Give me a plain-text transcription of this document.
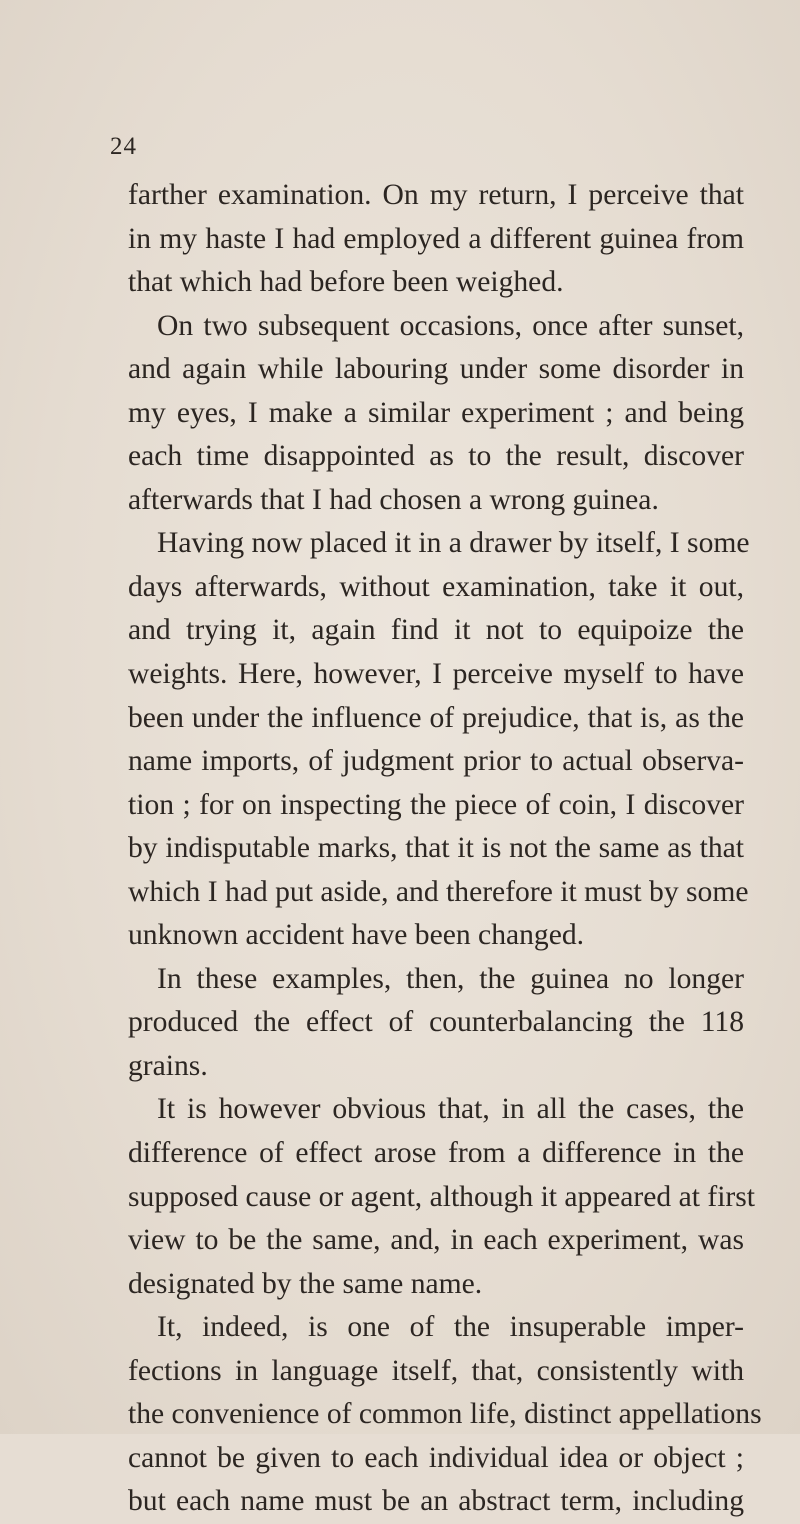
24
farther examination. On my return, I perceive that
in my haste I had employed a different guinea from
that which had before been weighed.
On two subsequent occasions, once after sunset,
and again while labouring under some disorder in
my eyes, I make a similar experiment ; and being
each time disappointed as to the result, discover
afterwards that I had chosen a wrong guinea.
Having now placed it in a drawer by itself, I some
days afterwards, without examination, take it out,
and trying it, again find it not to equipoize the
weights. Here, however, I perceive myself to have
been under the influence of prejudice, that is, as the
name imports, of judgment prior to actual observa-
tion ; for on inspecting the piece of coin, I discover
by indisputable marks, that it is not the same as that
which I had put aside, and therefore it must by some
unknown accident have been changed.
In these examples, then, the guinea no longer
produced the effect of counterbalancing the 118
grains.
It is however obvious that, in all the cases, the
difference of effect arose from a difference in the
supposed cause or agent, although it appeared at first
view to be the same, and, in each experiment, was
designated by the same name.
It, indeed, is one of the insuperable imper-
fections in language itself, that, consistently with
the convenience of common life, distinct appellations
cannot be given to each individual idea or object ;
but each name must be an abstract term, including
